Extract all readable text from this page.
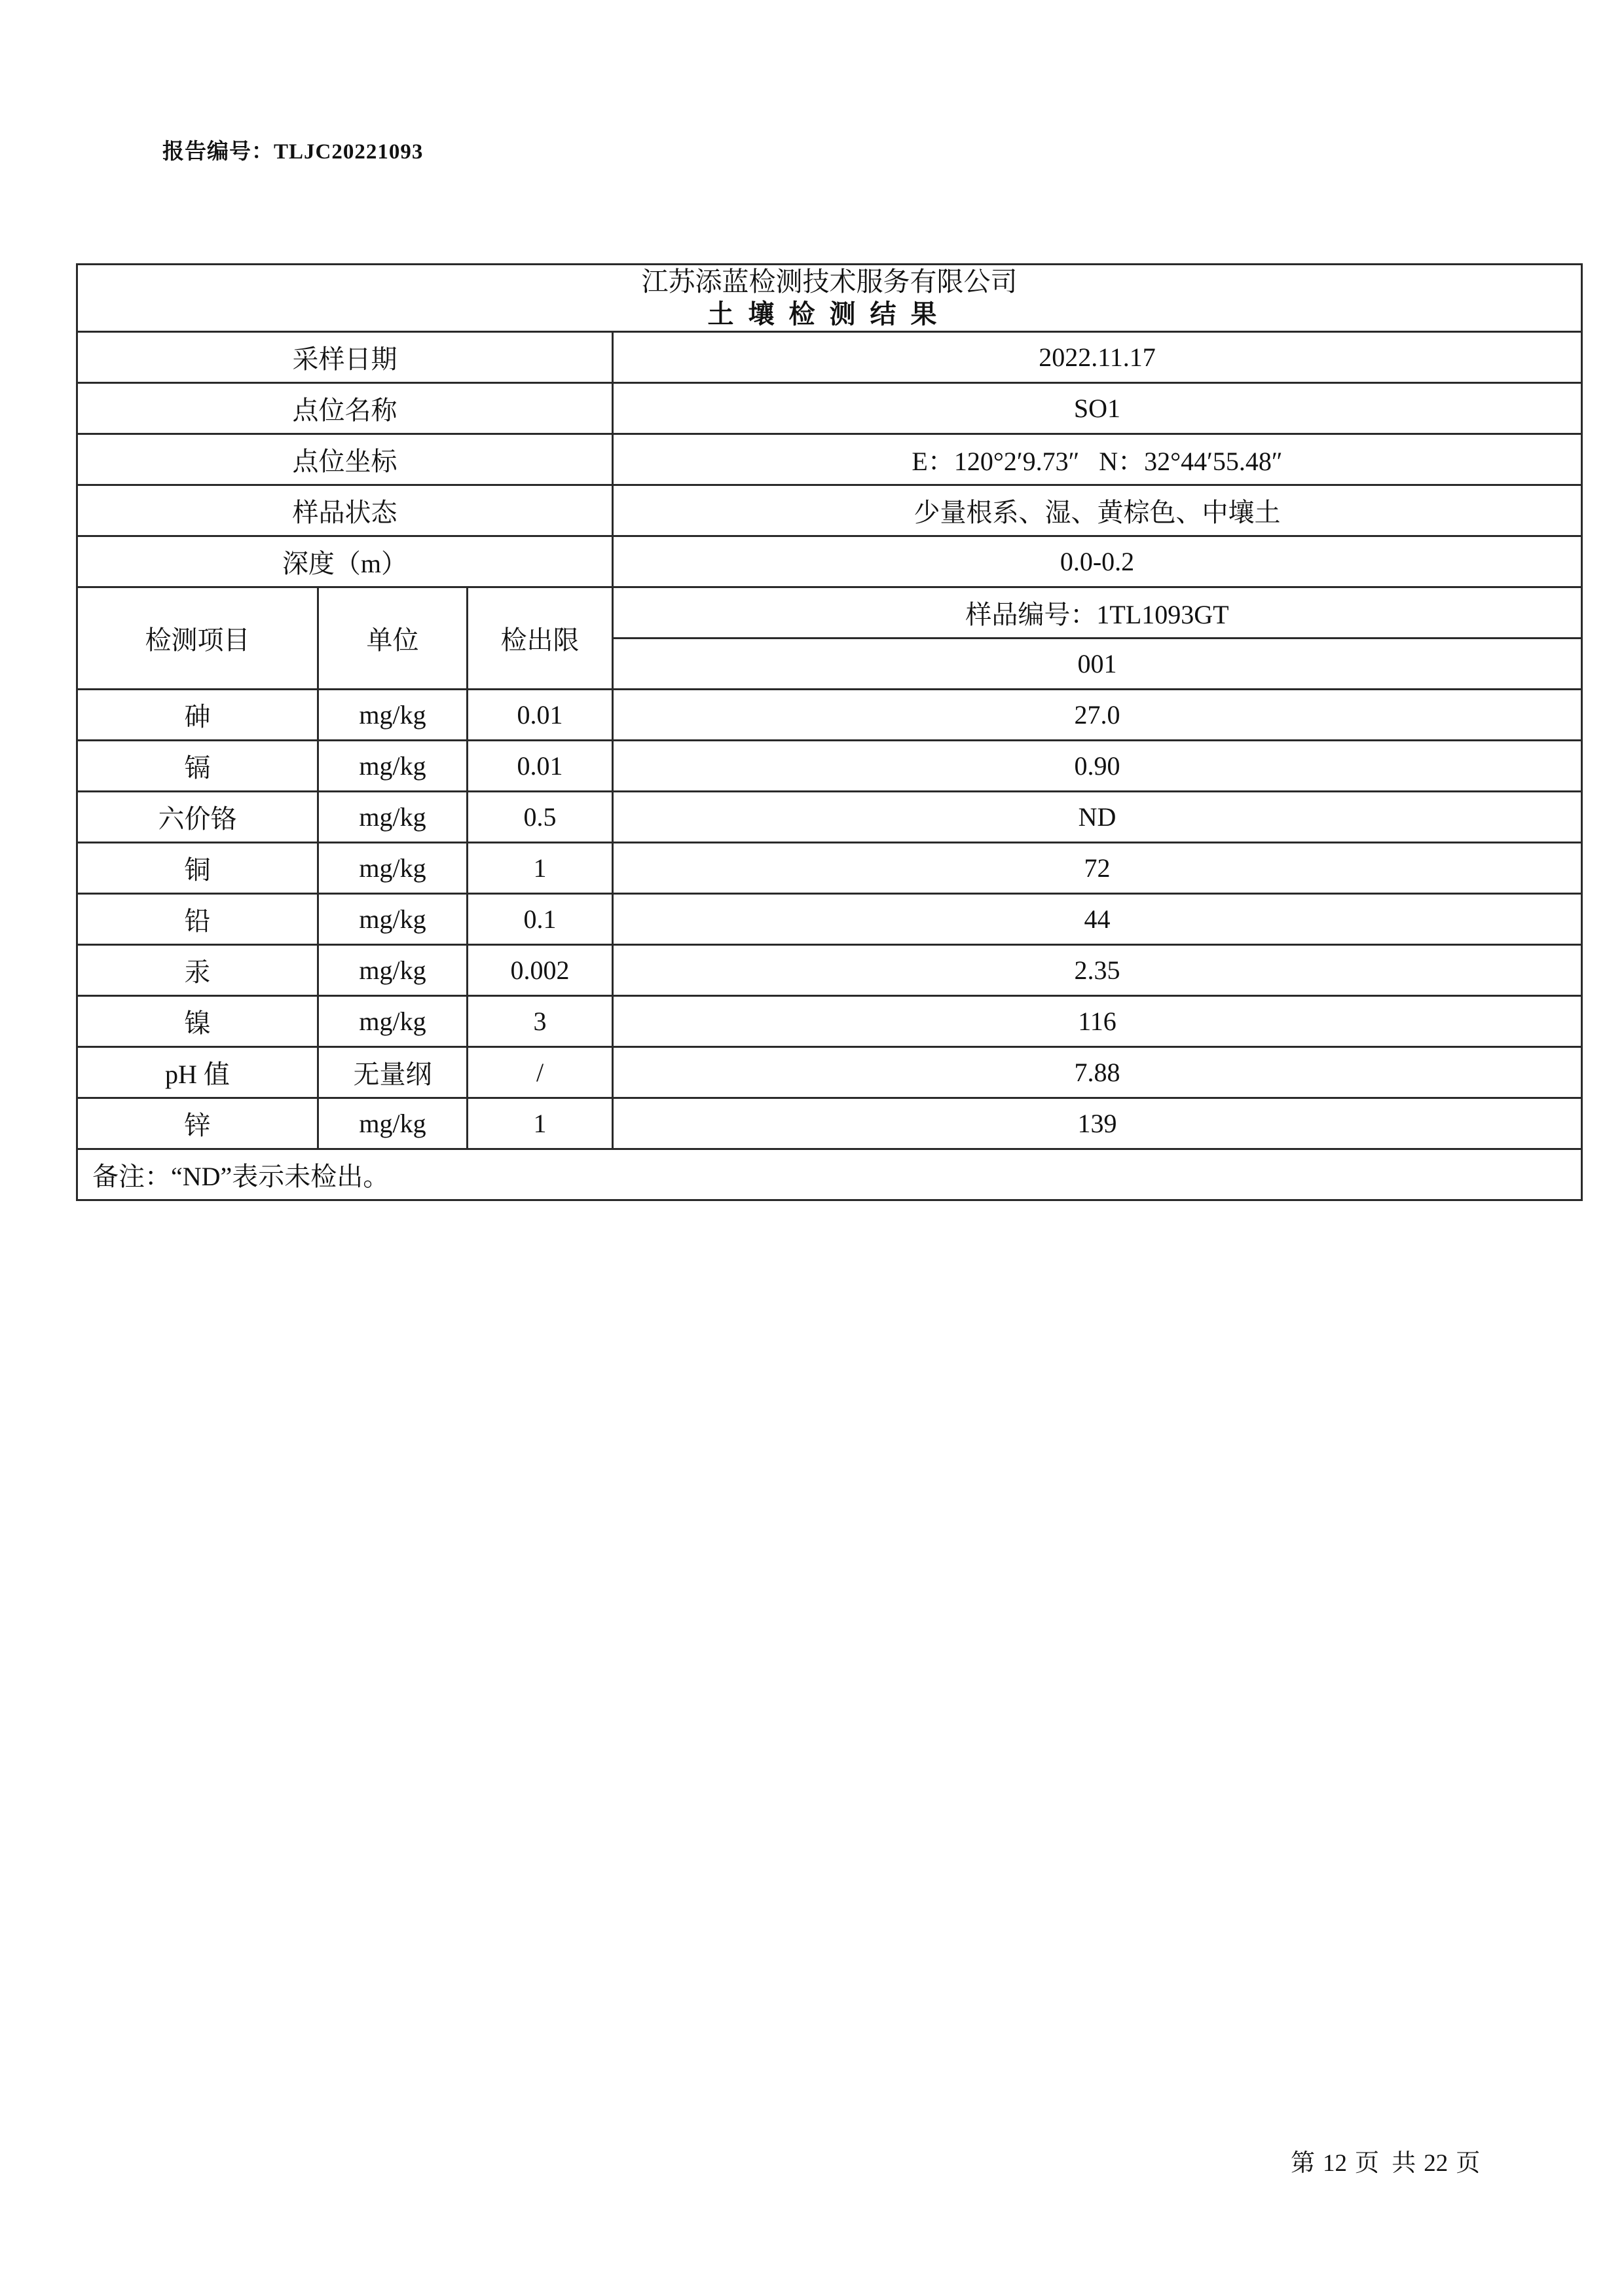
报告编号：TLJC20221093
江苏添蓝检测技术服务有限公司
土壤检测结果			

采样日期			2022.11.17
点位名称			SO1
点位坐标			E：120°2′9.73″   N：32°44′55.48″
样品状态			少量根系、湿、黄棕色、中壤土
深度（m）			0.0-0.2
检测项目	单位	检出限	样品编号：1TL1093GT
			001
砷	mg/kg	0.01	27.0
镉	mg/kg	0.01	0.90
六价铬	mg/kg	0.5	ND
铜	mg/kg	1	72
铅	mg/kg	0.1	44
汞	mg/kg	0.002	2.35
镍	mg/kg	3	116
pH 值	无量纲	/	7.88
锌	mg/kg	1	139
备注：“ND”表示未检出。			
第 12 页 共 22 页
